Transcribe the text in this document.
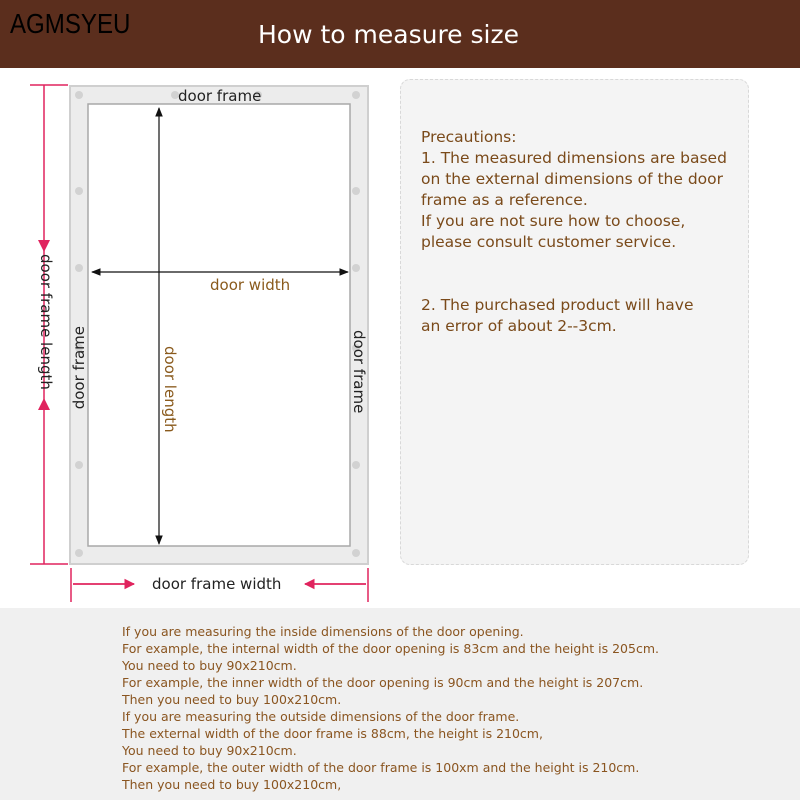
AGMSYEU	How to measure size
door frame
door frame	door frame
door width
door length
door frame length
door frame width

Precautions:

1. The measured dimensions are based

on the external dimensions of the door

frame as a reference.

If you are not sure how to choose,

please consult customer service.

2. The purchased product will have

an error of about 2--3cm.

If you are measuring the inside dimensions of the door opening.
For example, the internal width of the door opening is 83cm and the height is 205cm.
You need to buy 90x210cm.
For example, the inner width of the door opening is 90cm and the height is 207cm.
Then you need to buy 100x210cm.
If you are measuring the outside dimensions of the door frame.
The external width of the door frame is 88cm, the height is 210cm,
You need to buy 90x210cm.
For example, the outer width of the door frame is 100xm and the height is 210cm.
Then you need to buy 100x210cm,
